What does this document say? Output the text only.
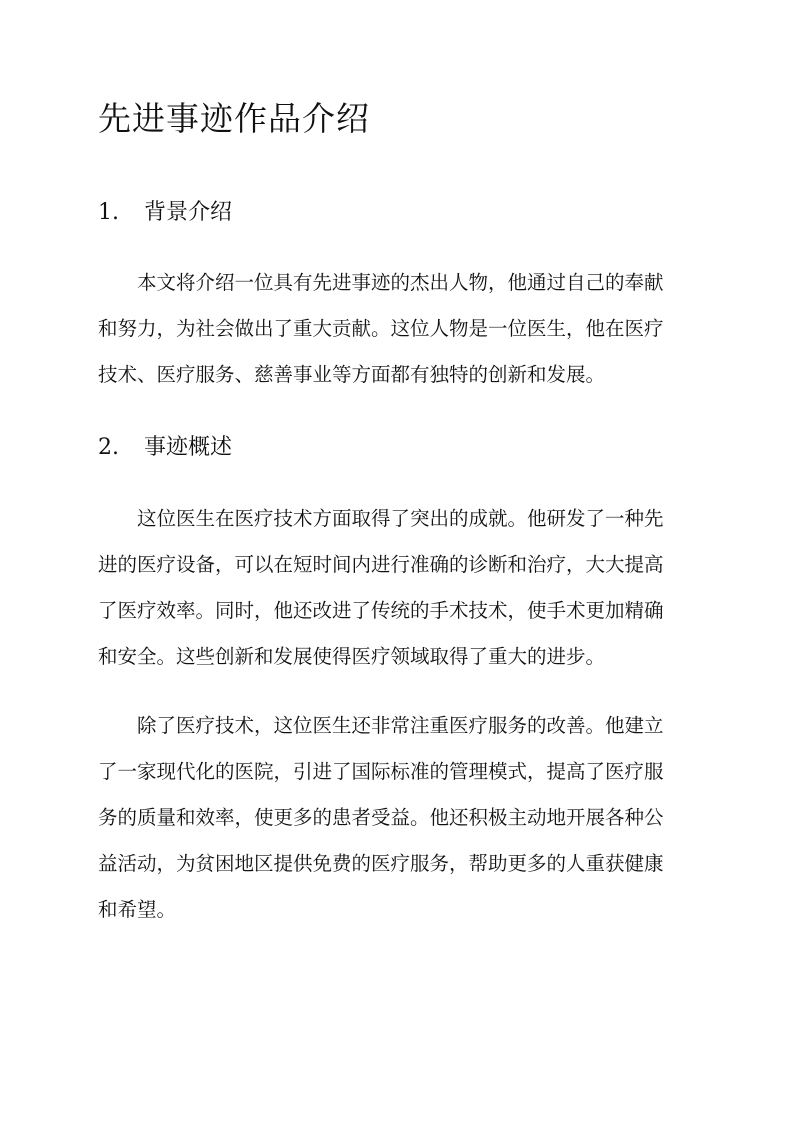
先进事迹作品介绍
1. 背景介绍

　　本文将介绍一位具有先进事迹的杰出人物，他通过自己的奉献
和努力，为社会做出了重大贡献。这位人物是一位医生，他在医疗
技术、医疗服务、慈善事业等方面都有独特的创新和发展。

2. 事迹概述

　　这位医生在医疗技术方面取得了突出的成就。他研发了一种先
进的医疗设备，可以在短时间内进行准确的诊断和治疗，大大提高
了医疗效率。同时，他还改进了传统的手术技术，使手术更加精确
和安全。这些创新和发展使得医疗领域取得了重大的进步。

　　除了医疗技术，这位医生还非常注重医疗服务的改善。他建立
了一家现代化的医院，引进了国际标准的管理模式，提高了医疗服
务的质量和效率，使更多的患者受益。他还积极主动地开展各种公
益活动，为贫困地区提供免费的医疗服务，帮助更多的人重获健康
和希望。
